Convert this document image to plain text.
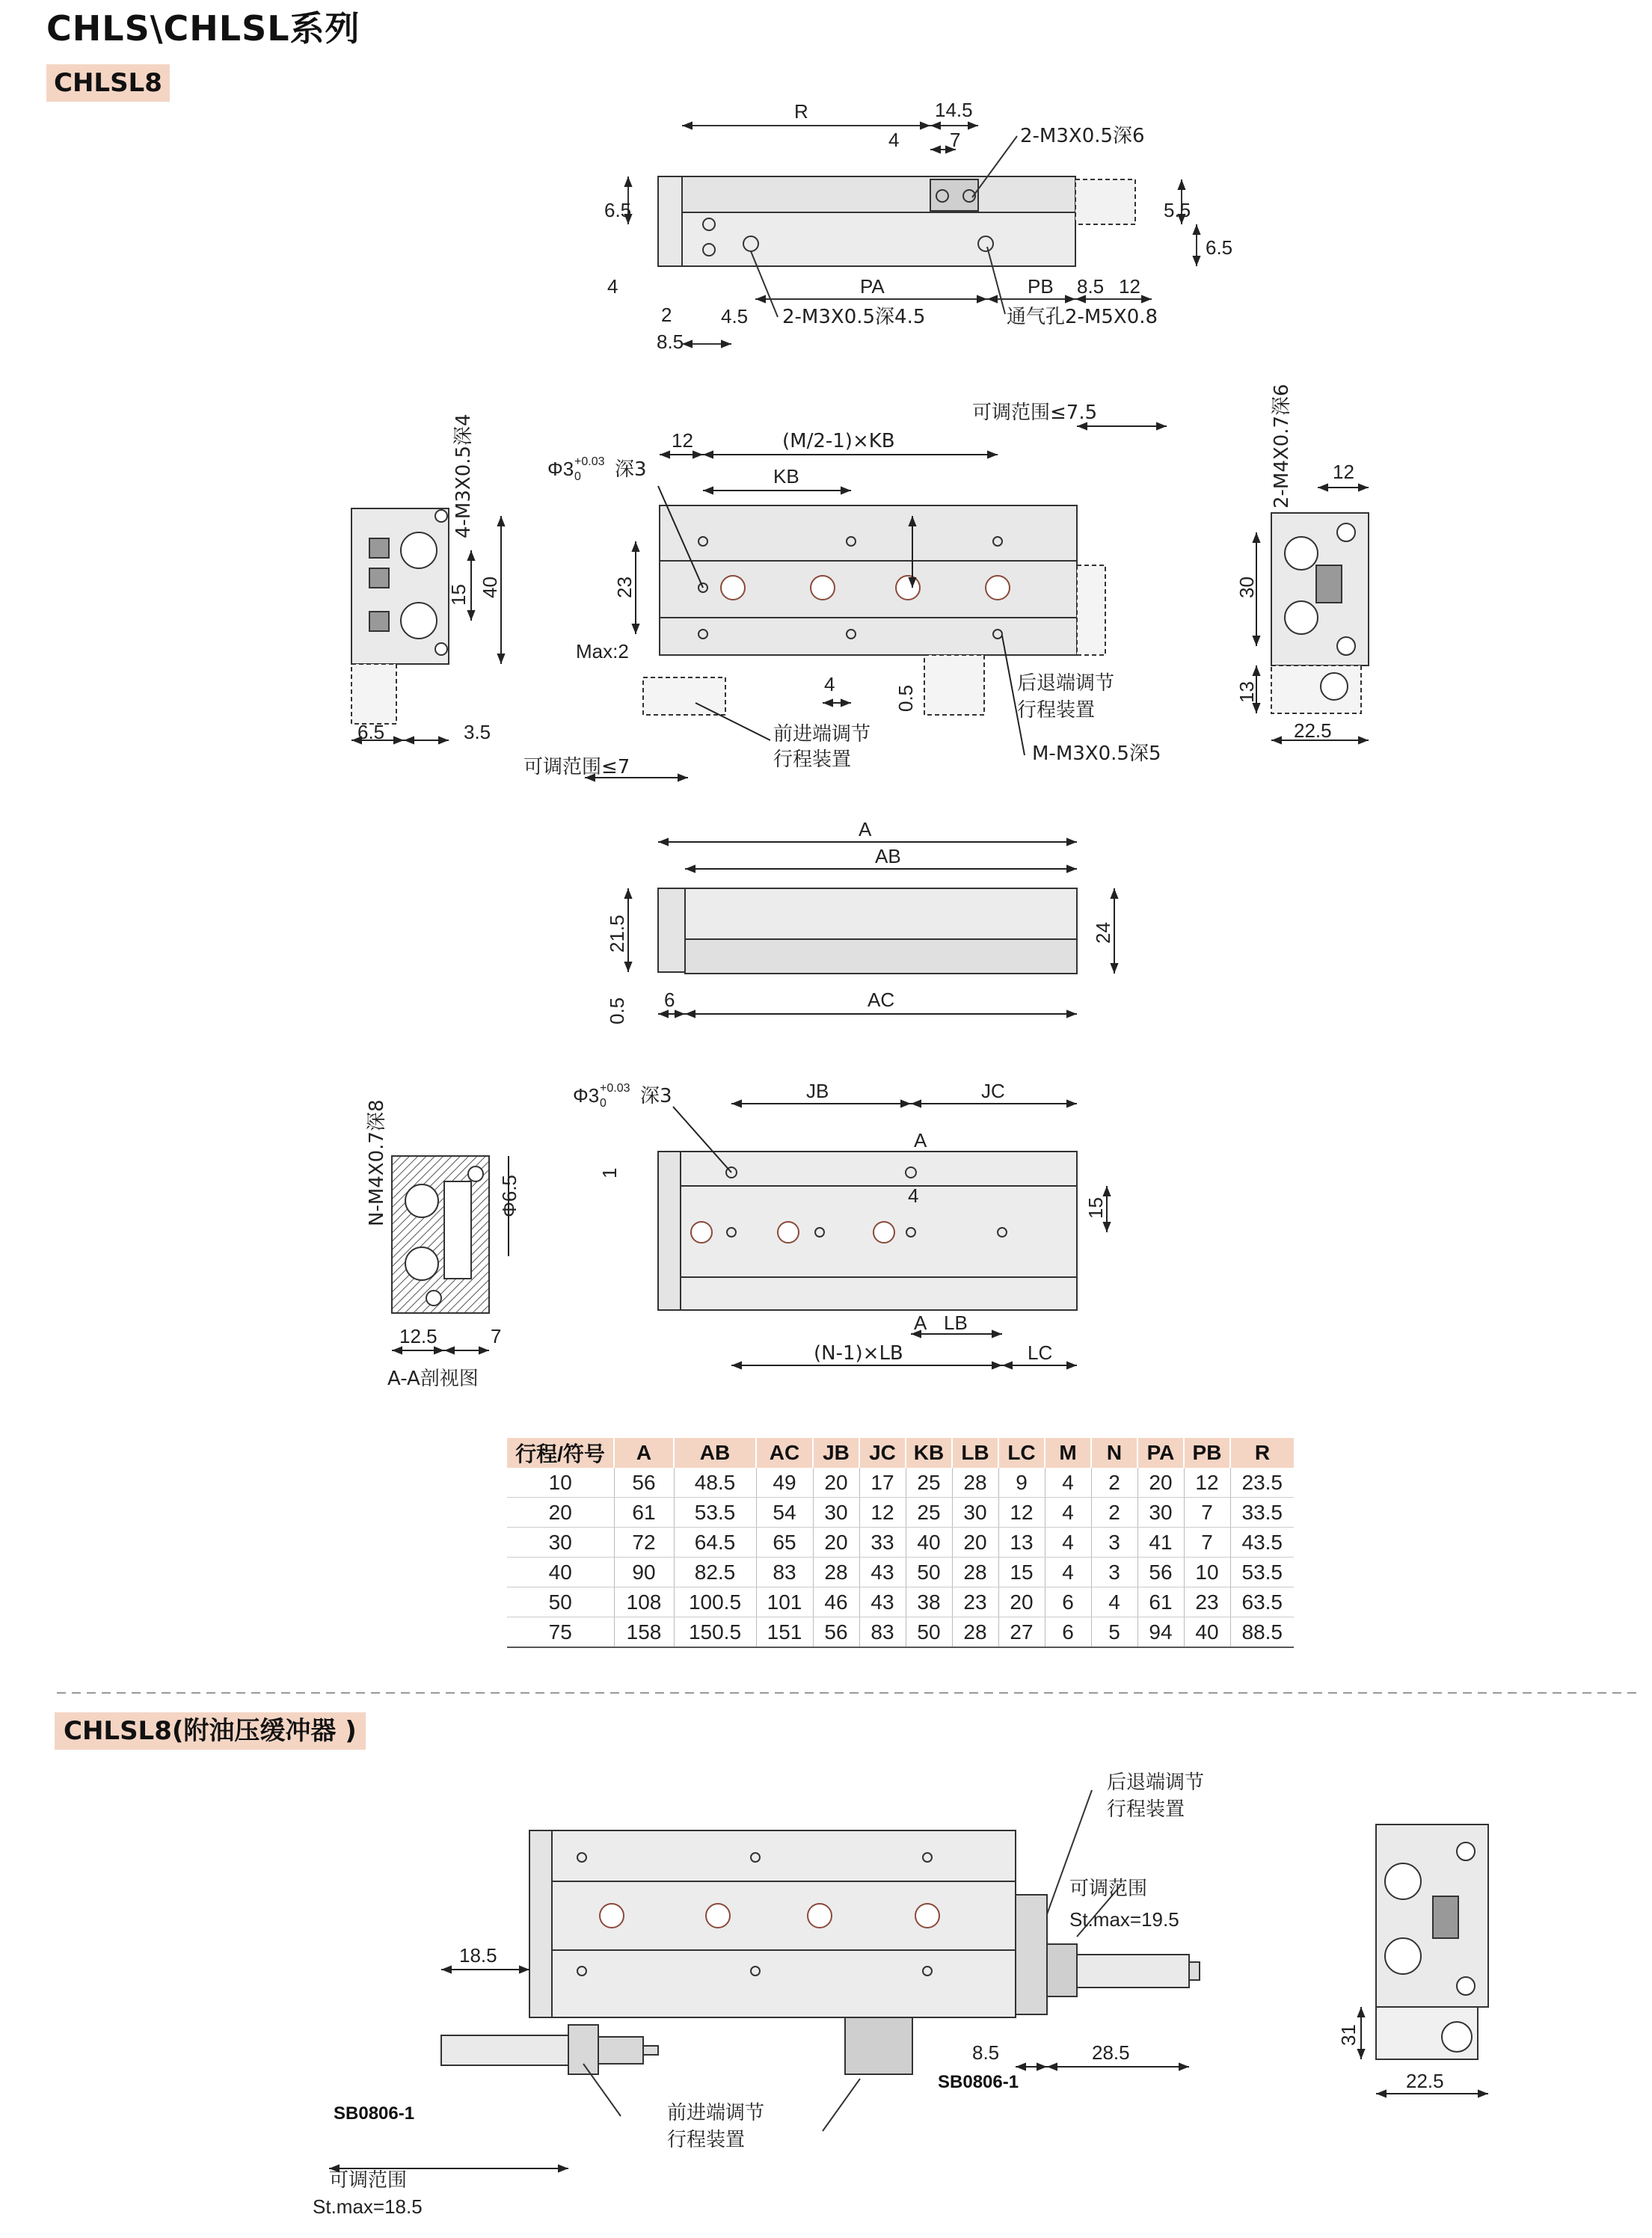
CHLS\CHLSL系列
CHLSL8
CHLSL8(附油压缓冲器 )
R	14.5
4	7	2-M3X0.5深6
6.5	5.5
6.5
4	PA	PB 8.5 12
2	4.5 2-M3X0.5深4.5	通气孔2-M5X0.8
8.5
4-M3X0.5深4
40
15
6.5	3.5
12	(M/2-1)×KB
可调范围≤7.5
Φ3 +0.03
0 深3	KB
23
Max:2
4
0.5
后退端调节
行程装置
前进端调节
行程装置	M-M3X0.5深5
可调范围≤7
2-M4X0.7深6 12
30
13
22.5
A
AB
21.5	24
0.5 6	AC
N-M4X0.7深8	Φ6.5
12.5	7
A-A剖视图
Φ3 +0.03
0 深3	JB	JC
A
1
4
15
A LB
(N-1)×LB	LC
后退端调节
行程装置
可调范围
St.max=19.5
18.5
8.5	28.5
SB0806-1
SB0806-1	前进端调节
行程装置
可调范围
St.max=18.5
31
22.5
行程/符号	A	AB	AC	JB	JC	KB	LB	LC	M	N	PA	PB	R
10	56	48.5	49	20	17	25	28	9	4	2	20	12	23.5
20	61	53.5	54	30	12	25	30	12	4	2	30	7	33.5
30	72	64.5	65	20	33	40	20	13	4	3	41	7	43.5
40	90	82.5	83	28	43	50	28	15	4	3	56	10	53.5
50	108	100.5	101	46	43	38	23	20	6	4	61	23	63.5
75	158	150.5	151	56	83	50	28	27	6	5	94	40	88.5
